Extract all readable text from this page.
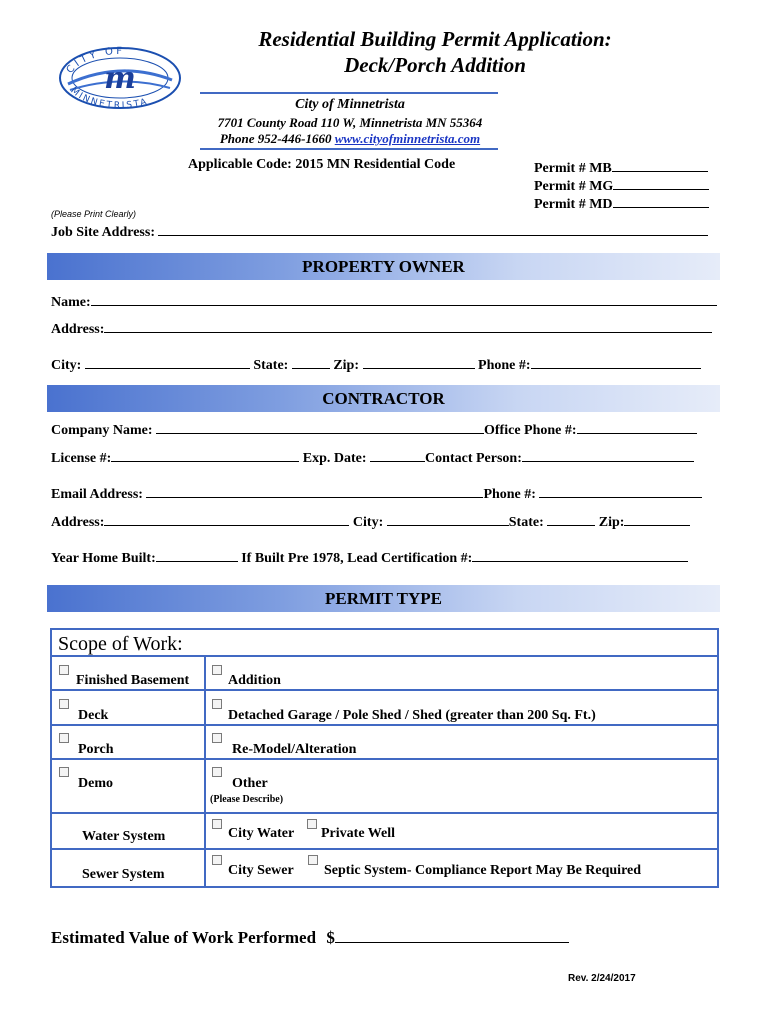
CITY OF
MINNETRISTA
m
Residential Building Permit Application:
Deck/Porch Addition
City of Minnetrista
7701 County Road 110 W, Minnetrista MN 55364
Phone 952-446-1660 www.cityofminnetrista.com
Applicable Code: 2015 MN Residential Code	Permit # MB
Permit # MG
Permit # MD
(Please Print Clearly)
Job Site Address:
PROPERTY OWNER
Name:
Address:
City:	State:	Zip:	Phone #:
CONTRACTOR
Company Name:	Office Phone #:
License #:	Exp. Date:	Contact Person:
Email Address:	Phone #:
Address:	City:	State:	Zip:
Year Home Built:	If Built Pre 1978, Lead Certification #:
PERMIT TYPE
Scope of Work:
Finished Basement	Addition
Deck	Detached Garage / Pole Shed / Shed (greater than 200 Sq. Ft.)
Porch	Re-Model/Alteration
Demo	Other
(Please Describe)
Water System	City Water Private Well
Sewer System	City Sewer Septic System- Compliance Report May Be Required
Estimated Value of Work Performed $
Rev. 2/24/2017
